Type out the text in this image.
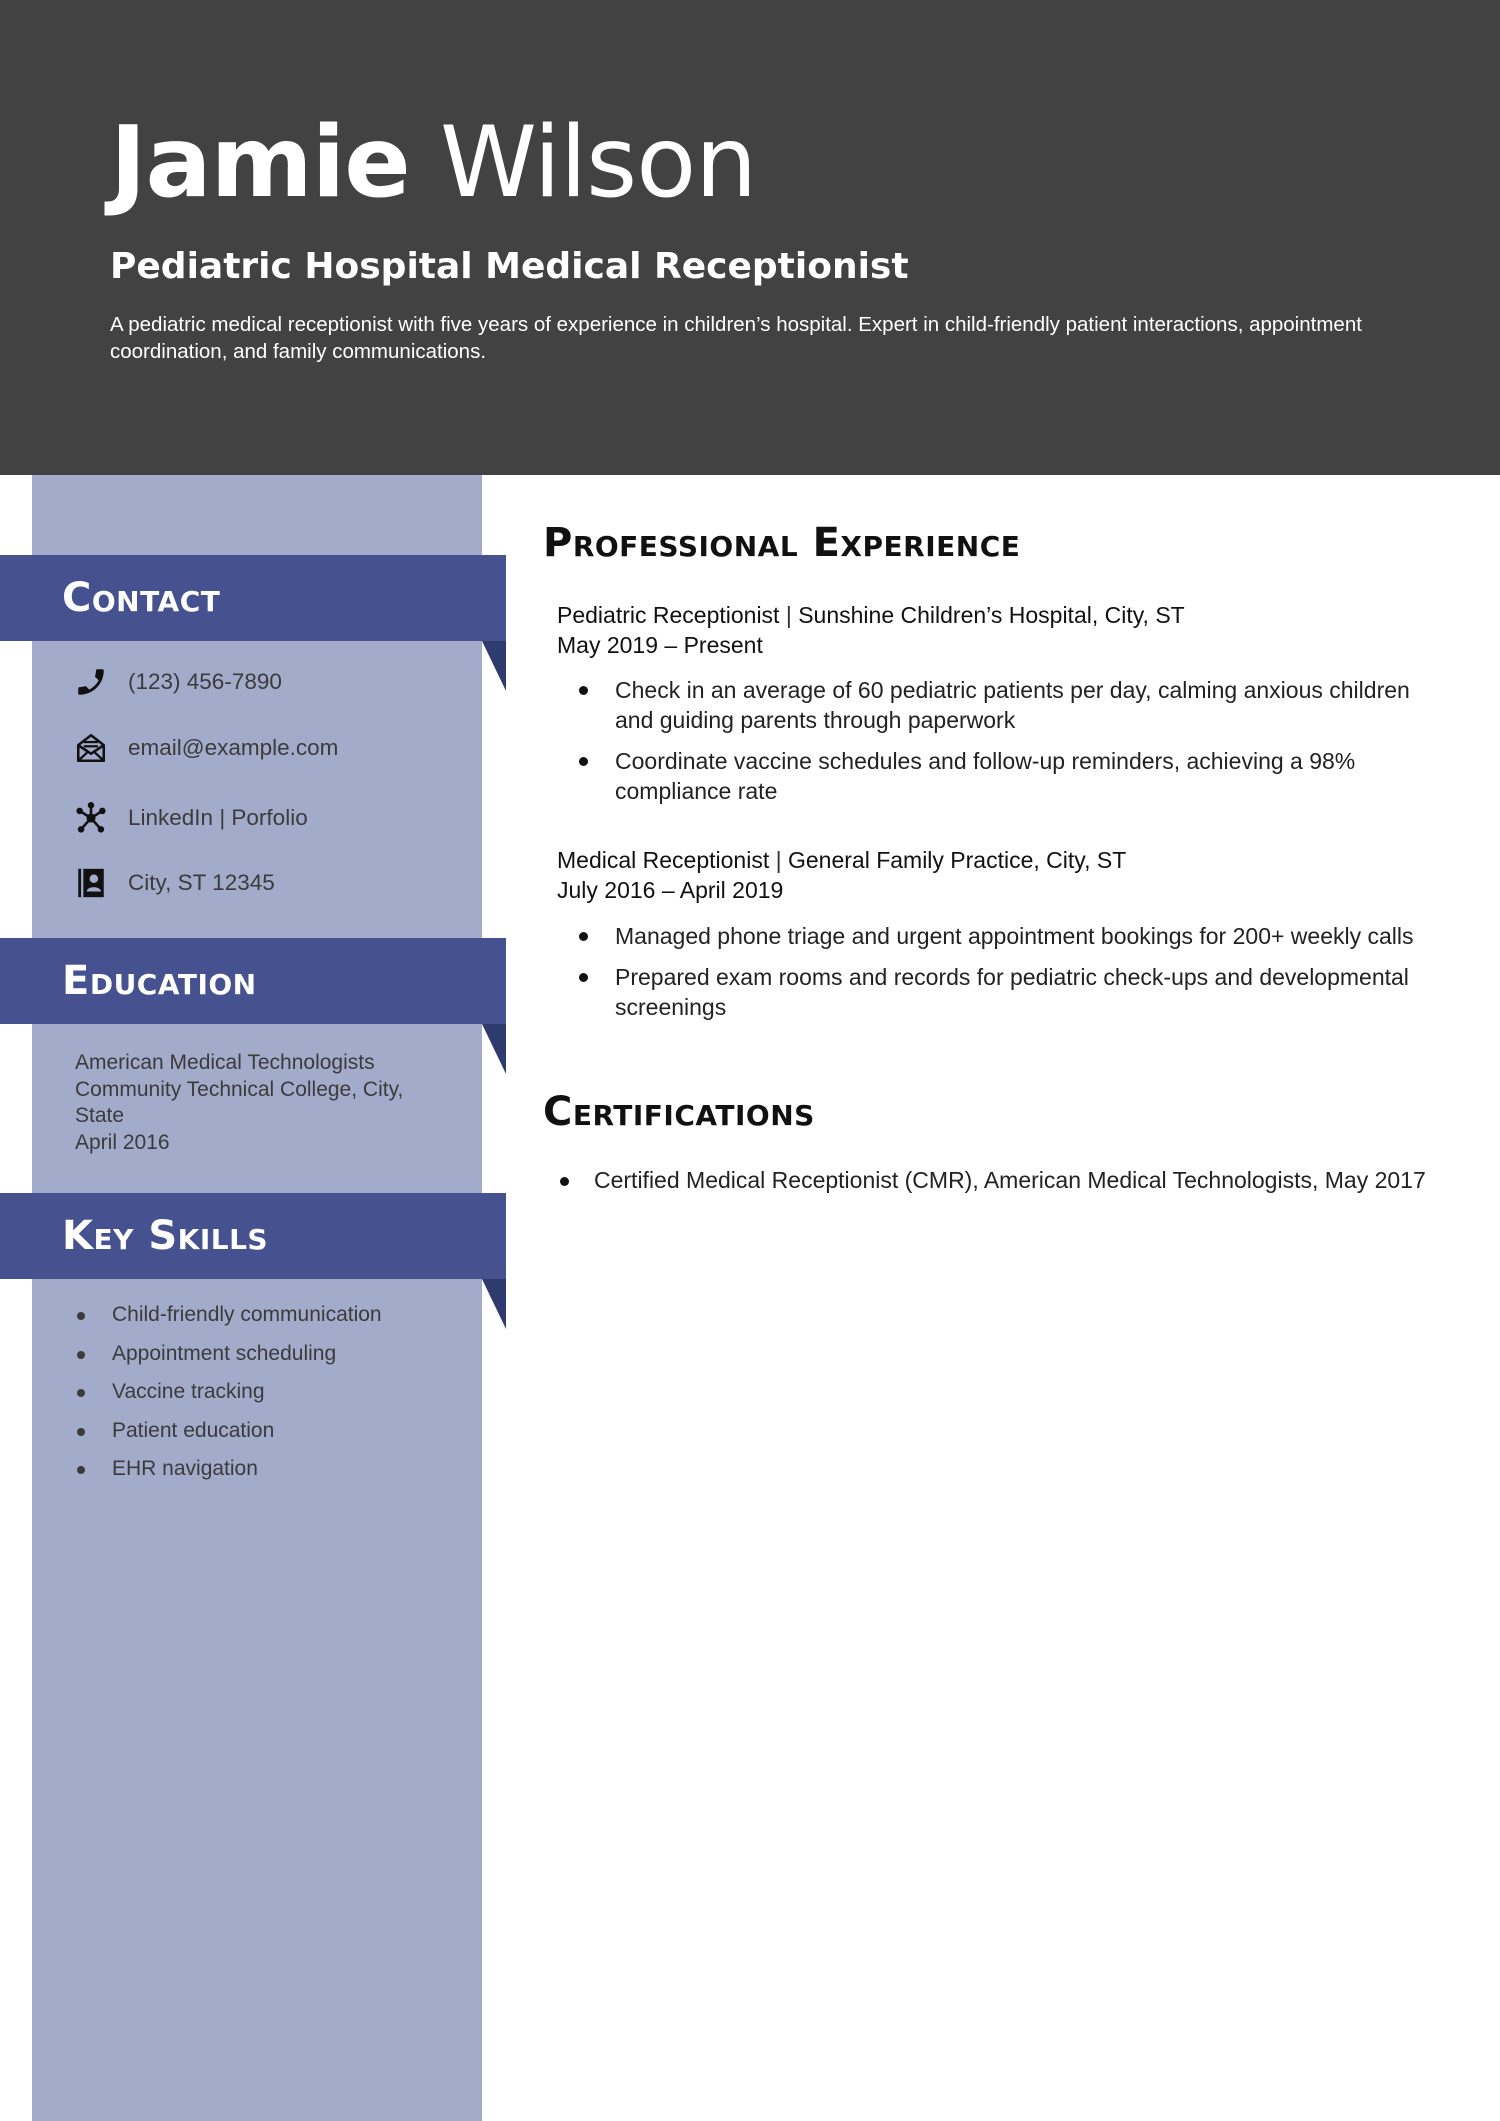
Jamie Wilson
Pediatric Hospital Medical Receptionist
A pediatric medical receptionist with five years of experience in children’s hospital. Expert in child-friendly patient interactions, appointment coordination, and family communications.
Contact
(123) 456-7890
email@example.com
LinkedIn | Porfolio
City, ST 12345
Education
American Medical Technologists
Community Technical College, City,
State
April 2016
Key Skills
Child-friendly communication
Appointment scheduling
Vaccine tracking
Patient education
EHR navigation
Professional Experience
Pediatric Receptionist | Sunshine Children’s Hospital, City, ST
May 2019 – Present
Check in an average of 60 pediatric patients per day, calming anxious children and guiding parents through paperwork
Coordinate vaccine schedules and follow-up reminders, achieving a 98% compliance rate
Medical Receptionist | General Family Practice, City, ST
July 2016 – April 2019
Managed phone triage and urgent appointment bookings for 200+ weekly calls
Prepared exam rooms and records for pediatric check-ups and developmental screenings
Certifications
Certified Medical Receptionist (CMR), American Medical Technologists, May 2017
